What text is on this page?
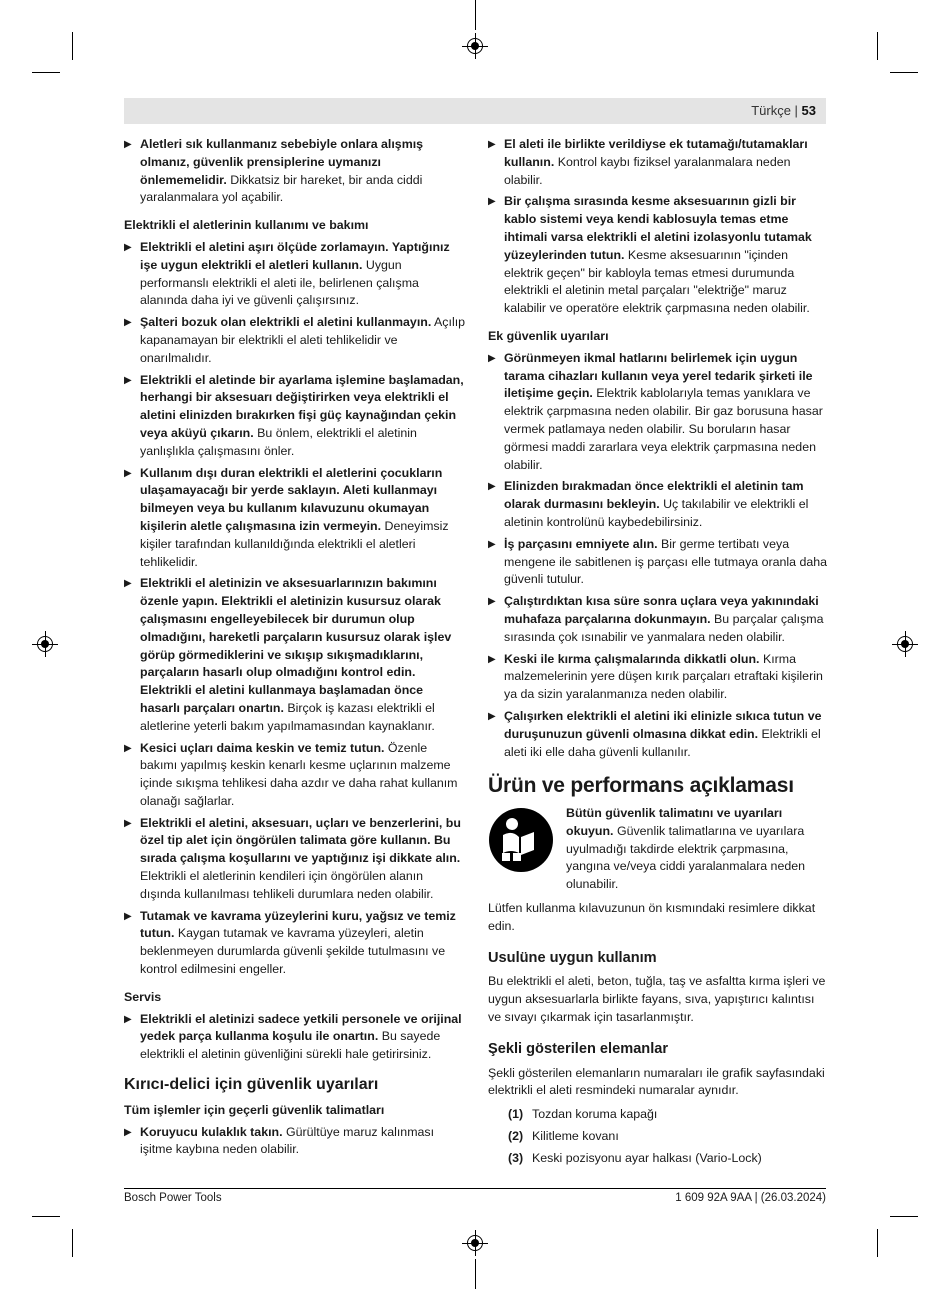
Türkçe | 53
▶ Aletleri sık kullanmanız sebebiyle onlara alışmış olmanız, güvenlik prensiplerine uymanızı önlememelidir. Dikkatsiz bir hareket, bir anda ciddi yaralanmalara yol açabilir.
Elektrikli el aletlerinin kullanımı ve bakımı
▶ Elektrikli el aletini aşırı ölçüde zorlamayın. Yaptığınız işe uygun elektrikli el aletleri kullanın. Uygun performanslı elektrikli el aleti ile, belirlenen çalışma alanında daha iyi ve güvenli çalışırsınız.
▶ Şalteri bozuk olan elektrikli el aletini kullanmayın. Açılıp kapanamayan bir elektrikli el aleti tehlikelidir ve onarılmalıdır.
▶ Elektrikli el aletinde bir ayarlama işlemine başlamadan, herhangi bir aksesuarı değiştirirken veya elektrikli el aletini elinizden bırakırken fişi güç kaynağından çekin veya aküyü çıkarın. Bu önlem, elektrikli el aletinin yanlışlıkla çalışmasını önler.
▶ Kullanım dışı duran elektrikli el aletlerini çocukların ulaşamayacağı bir yerde saklayın. Aleti kullanmayı bilmeyen veya bu kullanım kılavuzunu okumayan kişilerin aletle çalışmasına izin vermeyin. Deneyimsiz kişiler tarafından kullanıldığında elektrikli el aletleri tehlikelidir.
▶ Elektrikli el aletinizin ve aksesuarlarınızın bakımını özenle yapın. Elektrikli el aletinizin kusursuz olarak çalışmasını engelleyebilecek bir durumun olup olmadığını, hareketli parçaların kusursuz olarak işlev görüp görmediklerini ve sıkışıp sıkışmadıklarını, parçaların hasarlı olup olmadığını kontrol edin. Elektrikli el aletini kullanmaya başlamadan önce hasarlı parçaları onartın. Birçok iş kazası elektrikli el aletlerine yeterli bakım yapılmamasından kaynaklanır.
▶ Kesici uçları daima keskin ve temiz tutun. Özenle bakımı yapılmış keskin kenarlı kesme uçlarının malzeme içinde sıkışma tehlikesi daha azdır ve daha rahat kullanım olanağı sağlarlar.
▶ Elektrikli el aletini, aksesuarı, uçları ve benzerlerini, bu özel tip alet için öngörülen talimata göre kullanın. Bu sırada çalışma koşullarını ve yaptığınız işi dikkate alın. Elektrikli el aletlerinin kendileri için öngörülen alanın dışında kullanılması tehlikeli durumlara neden olabilir.
▶ Tutamak ve kavrama yüzeylerini kuru, yağsız ve temiz tutun. Kaygan tutamak ve kavrama yüzeyleri, aletin beklenmeyen durumlarda güvenli şekilde tutulmasını ve kontrol edilmesini engeller.
Servis
▶ Elektrikli el aletinizi sadece yetkili personele ve orijinal yedek parça kullanma koşulu ile onartın. Bu sayede elektrikli el aletinin güvenliğini sürekli hale getirirsiniz.
Kırıcı-delici için güvenlik uyarıları
Tüm işlemler için geçerli güvenlik talimatları
▶ Koruyucu kulaklık takın. Gürültüye maruz kalınması işitme kaybına neden olabilir.
▶ El aleti ile birlikte verildiyse ek tutamağı/tutamakları kullanın. Kontrol kaybı fiziksel yaralanmalara neden olabilir.
▶ Bir çalışma sırasında kesme aksesuarının gizli bir kablo sistemi veya kendi kablosuyla temas etme ihtimali varsa elektrikli el aletini izolasyonlu tutamak yüzeylerinden tutun. Kesme aksesuarının "içinden elektrik geçen" bir kabloyla temas etmesi durumunda elektrikli el aletinin metal parçaları "elektriğe" maruz kalabilir ve operatöre elektrik çarpmasına neden olabilir.
Ek güvenlik uyarıları
▶ Görünmeyen ikmal hatlarını belirlemek için uygun tarama cihazları kullanın veya yerel tedarik şirketi ile iletişime geçin. Elektrik kablolarıyla temas yanıklara ve elektrik çarpmasına neden olabilir. Bir gaz borusuna hasar vermek patlamaya neden olabilir. Su boruların hasar görmesi maddi zararlara veya elektrik çarpmasına neden olabilir.
▶ Elinizden bırakmadan önce elektrikli el aletinin tam olarak durmasını bekleyin. Uç takılabilir ve elektrikli el aletinin kontrolünü kaybedebilirsiniz.
▶ İş parçasını emniyete alın. Bir germe tertibatı veya mengene ile sabitlenen iş parçası elle tutmaya oranla daha güvenli tutulur.
▶ Çalıştırdıktan kısa süre sonra uçlara veya yakınındaki muhafaza parçalarına dokunmayın. Bu parçalar çalışma sırasında çok ısınabilir ve yanmalara neden olabilir.
▶ Keski ile kırma çalışmalarında dikkatli olun. Kırma malzemelerinin yere düşen kırık parçaları etraftaki kişilerin ya da sizin yaralanmanıza neden olabilir.
▶ Çalışırken elektrikli el aletini iki elinizle sıkıca tutun ve duruşunuzun güvenli olmasına dikkat edin. Elektrikli el aleti iki elle daha güvenli kullanılır.
Ürün ve performans açıklaması
Bütün güvenlik talimatını ve uyarıları okuyun. Güvenlik talimatlarına ve uyarılara uyulmadığı takdirde elektrik çarpmasına, yangına ve/veya ciddi yaralanmalara neden olunabilir.

Lütfen kullanma kılavuzunun ön kısmındaki resimlere dikkat edin.

Usulüne uygun kullanım

Bu elektrikli el aleti, beton, tuğla, taş ve asfaltta kırma işleri ve uygun aksesuarlarla birlikte fayans, sıva, yapıştırıcı kalıntısı ve sıvayı çıkarmak için tasarlanmıştır.

Şekli gösterilen elemanlar

Şekli gösterilen elemanların numaraları ile grafik sayfasındaki elektrikli el aleti resmindeki numaralar aynıdır.

(1) Tozdan koruma kapağı
(2) Kilitleme kovanı
(3) Keski pozisyonu ayar halkası (Vario-Lock)
Bosch Power Tools	1 609 92A 9AA | (26.03.2024)
